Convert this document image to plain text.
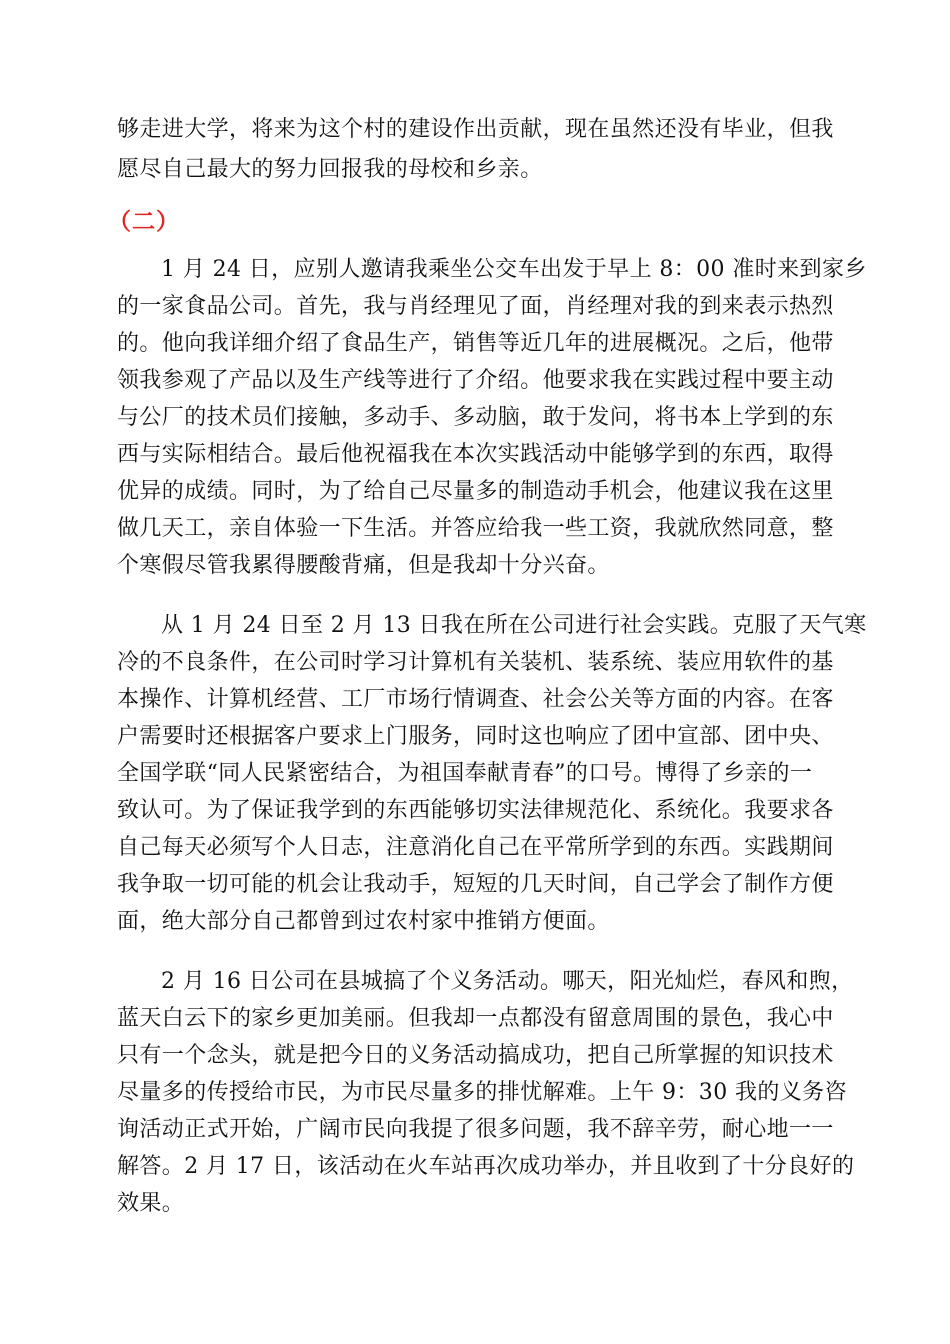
够走进大学，将来为这个村的建设作出贡献，现在虽然还没有毕业，但我
愿尽自己最大的努力回报我的母校和乡亲。
（二）
1 月 24 日，应别人邀请我乘坐公交车出发于早上 8：00 准时来到家乡
的一家食品公司。首先，我与肖经理见了面，肖经理对我的到来表示热烈
的。他向我详细介绍了食品生产，销售等近几年的进展概况。之后，他带
领我参观了产品以及生产线等进行了介绍。他要求我在实践过程中要主动
与公厂的技术员们接触，多动手、多动脑，敢于发问，将书本上学到的东
西与实际相结合。最后他祝福我在本次实践活动中能够学到的东西，取得
优异的成绩。同时，为了给自己尽量多的制造动手机会，他建议我在这里
做几天工，亲自体验一下生活。并答应给我一些工资，我就欣然同意，整
个寒假尽管我累得腰酸背痛，但是我却十分兴奋。
从 1 月 24 日至 2 月 13 日我在所在公司进行社会实践。克服了天气寒
冷的不良条件，在公司时学习计算机有关装机、装系统、装应用软件的基
本操作、计算机经营、工厂市场行情调查、社会公关等方面的内容。在客
户需要时还根据客户要求上门服务，同时这也响应了团中宣部、团中央、
全国学联“同人民紧密结合，为祖国奉献青春”的口号。博得了乡亲的一
致认可。为了保证我学到的东西能够切实法律规范化、系统化。我要求各
自己每天必须写个人日志，注意消化自己在平常所学到的东西。实践期间
我争取一切可能的机会让我动手，短短的几天时间，自己学会了制作方便
面，绝大部分自己都曾到过农村家中推销方便面。
2 月 16 日公司在县城搞了个义务活动。哪天，阳光灿烂，春风和煦，
蓝天白云下的家乡更加美丽。但我却一点都没有留意周围的景色，我心中
只有一个念头，就是把今日的义务活动搞成功，把自己所掌握的知识技术
尽量多的传授给市民，为市民尽量多的排忧解难。上午 9：30 我的义务咨
询活动正式开始，广阔市民向我提了很多问题，我不辞辛劳，耐心地一一
解答。2 月 17 日，该活动在火车站再次成功举办，并且收到了十分良好的
效果。
